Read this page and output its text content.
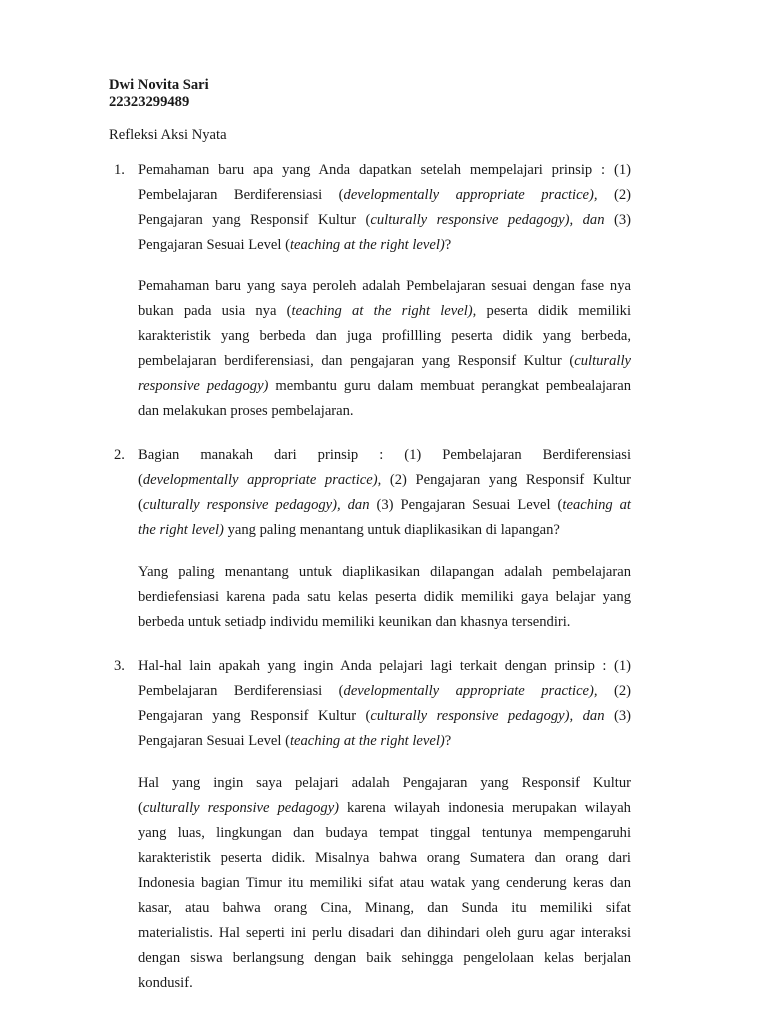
Dwi Novita Sari
22323299489
Refleksi Aksi Nyata
1. Pemahaman baru apa yang Anda dapatkan setelah mempelajari prinsip : (1)
Pembelajaran Berdiferensiasi (developmentally appropriate practice), (2)
Pengajaran yang Responsif Kultur (culturally responsive pedagogy), dan (3)
Pengajaran Sesuai Level (teaching at the right level)?
Pemahaman baru yang saya peroleh adalah Pembelajaran sesuai dengan fase nya
bukan pada usia nya (teaching at the right level), peserta didik memiliki
karakteristik yang berbeda dan juga profillling peserta didik yang berbeda,
pembelajaran berdiferensiasi, dan pengajaran yang Responsif Kultur (culturally
responsive pedagogy) membantu guru dalam membuat perangkat pembealajaran
dan melakukan proses pembelajaran.
2. Bagian manakah dari prinsip : (1) Pembelajaran Berdiferensiasi
(developmentally appropriate practice), (2) Pengajaran yang Responsif Kultur
(culturally responsive pedagogy), dan (3) Pengajaran Sesuai Level (teaching at
the right level) yang paling menantang untuk diaplikasikan di lapangan?
Yang paling menantang untuk diaplikasikan dilapangan adalah pembelajaran
berdiefensiasi karena pada satu kelas peserta didik memiliki gaya belajar yang
berbeda untuk setiadp individu memiliki keunikan dan khasnya tersendiri.
3. Hal-hal lain apakah yang ingin Anda pelajari lagi terkait dengan prinsip : (1)
Pembelajaran Berdiferensiasi (developmentally appropriate practice), (2)
Pengajaran yang Responsif Kultur (culturally responsive pedagogy), dan (3)
Pengajaran Sesuai Level (teaching at the right level)?
Hal yang ingin saya pelajari adalah Pengajaran yang Responsif Kultur
(culturally responsive pedagogy) karena wilayah indonesia merupakan wilayah
yang luas, lingkungan dan budaya tempat tinggal tentunya mempengaruhi
karakteristik peserta didik. Misalnya bahwa orang Sumatera dan orang dari
Indonesia bagian Timur itu memiliki sifat atau watak yang cenderung keras dan
kasar, atau bahwa orang Cina, Minang, dan Sunda itu memiliki sifat
materialistis. Hal seperti ini perlu disadari dan dihindari oleh guru agar interaksi
dengan siswa berlangsung dengan baik sehingga pengelolaan kelas berjalan
kondusif.
